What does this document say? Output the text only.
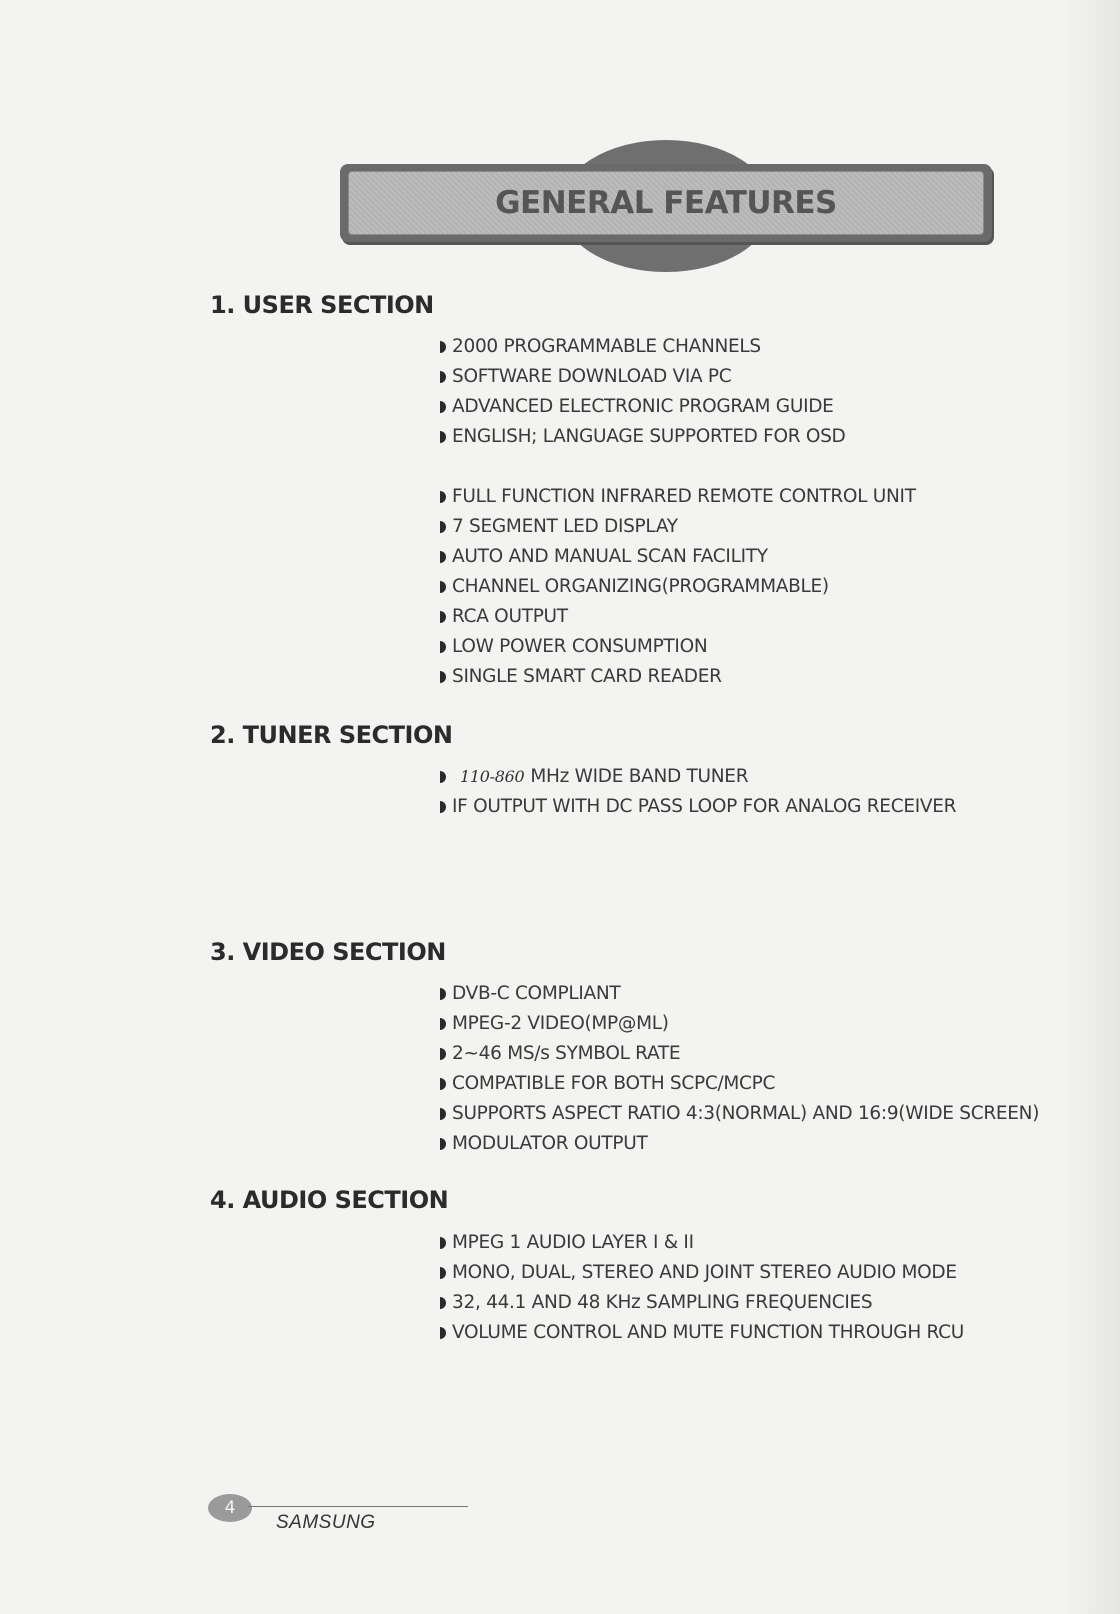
GENERAL FEATURES
1. USER SECTION
2000 PROGRAMMABLE CHANNELS
SOFTWARE DOWNLOAD VIA PC
ADVANCED ELECTRONIC PROGRAM GUIDE
ENGLISH; LANGUAGE SUPPORTED FOR OSD
FULL FUNCTION INFRARED REMOTE CONTROL UNIT
7 SEGMENT LED DISPLAY
AUTO AND MANUAL SCAN FACILITY
CHANNEL ORGANIZING(PROGRAMMABLE)
RCA OUTPUT
LOW POWER CONSUMPTION
SINGLE SMART CARD READER
2. TUNER SECTION
110-860 MHz WIDE BAND TUNER
IF OUTPUT WITH DC PASS LOOP FOR ANALOG RECEIVER
3. VIDEO SECTION
DVB-C COMPLIANT
MPEG-2 VIDEO(MP@ML)
2~46 MS/s SYMBOL RATE
COMPATIBLE FOR BOTH SCPC/MCPC
SUPPORTS ASPECT RATIO 4:3(NORMAL) AND 16:9(WIDE SCREEN)
MODULATOR OUTPUT
4. AUDIO SECTION
MPEG 1 AUDIO LAYER I & II
MONO, DUAL, STEREO AND JOINT STEREO AUDIO MODE
32, 44.1 AND 48 KHz SAMPLING FREQUENCIES
VOLUME CONTROL AND MUTE FUNCTION THROUGH RCU
4
SAMSUNG
